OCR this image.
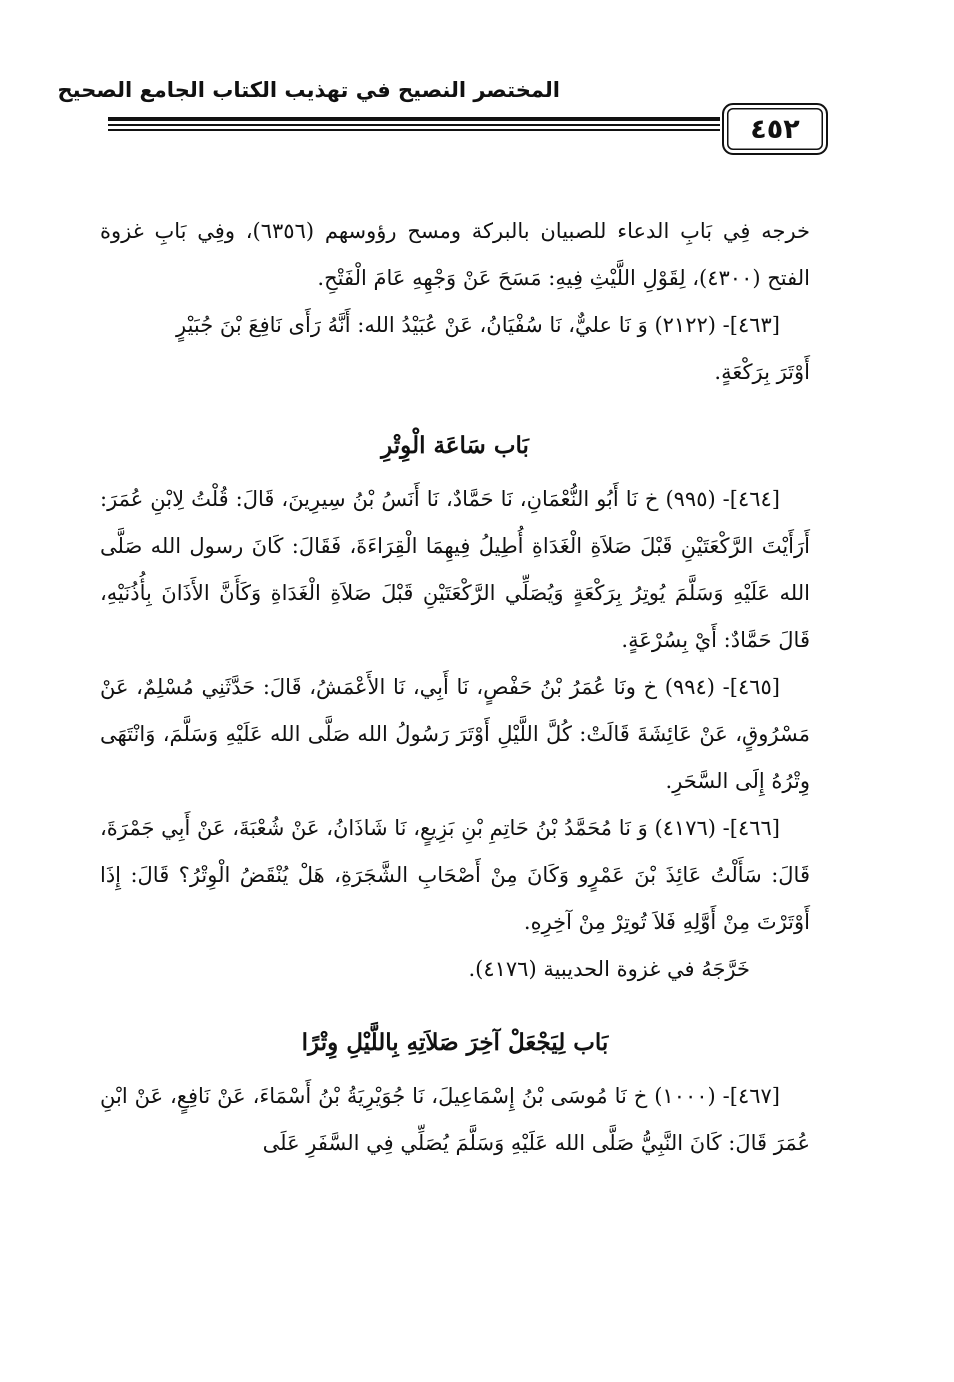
المختصر النصيح في تهذيب الكتاب الجامع الصحيح
٤٥٢

خرجه فِي بَابِ الدعاء للصبيان بالبركة ومسح رؤوسهم (٦٣٥٦)، وفِي بَابِ غزوة الفتح (٤٣٠٠)، لِقَوْلِ اللَّيْثِ فِيهِ: مَسَحَ عَنْ وَجْهِهِ عَامَ الْفَتْحِ.

[٤٦٣]- (٢١٢٢) وَ نَا عليٌّ، نَا سُفْيَانُ، عَنْ عُبَيْدُ الله: أَنَّهُ رَأَى نَافِعَ بْنَ جُبَيْرٍ

أَوْتَرَ بِرَكْعَةٍ.

بَاب سَاعَة الْوِتْرِ

[٤٦٤]- (٩٩٥) خ نَا أَبُو النُّعْمَانِ، نَا حَمَّادٌ، نَا أَنَسُ بْنُ سِيرِينَ، قَالَ: قُلْتُ لِابْنِ عُمَرَ: أَرَأَيْتَ الرَّكْعَتَيْنِ قَبْلَ صَلاَةِ الْغَدَاةِ أُطِيلُ فِيهِمَا الْقِرَاءَةَ، فَقَالَ: كَانَ رسول الله صَلَّى الله عَلَيْهِ وَسَلَّمَ يُوتِرُ بِرَكْعَةٍ وَيُصَلِّي الرَّكْعَتَيْنِ قَبْلَ صَلاَةِ الْغَدَاةِ وَكَأَنَّ الأَذَانَ بِأُذُنَيْهِ، قَالَ حَمَّادٌ: أَيْ بِسُرْعَةٍ.

[٤٦٥]- (٩٩٤) خ ونَا عُمَرُ بْنُ حَفْصٍ، نَا أَبِي، نَا الأَعْمَشُ، قَالَ: حَدَّثَنِي مُسْلِمٌ، عَنْ مَسْرُوقٍ، عَنْ عَائِشَةَ قَالَتْ: كُلَّ اللَّيْلِ أَوْتَرَ رَسُولُ الله صَلَّى الله عَلَيْهِ وَسَلَّمَ، وَانْتَهَى وِتْرُهُ إِلَى السَّحَرِ.

[٤٦٦]- (٤١٧٦) وَ نَا مُحَمَّدُ بْنُ حَاتِمِ بْنِ بَزِيعٍ، نَا شَاذَانُ، عَنْ شُعْبَةَ، عَنْ أَبِي جَمْرَةَ، قَالَ: سَأَلْتُ عَائِذَ بْنَ عَمْرٍو وَكَانَ مِنْ أَصْحَابِ الشَّجَرَةِ، هَلْ يُنْقَضُ الْوِتْرُ؟ قَالَ: إِذَا أَوْتَرْتَ مِنْ أَوَّلِهِ فَلاَ تُوتِرْ مِنْ آخِرِهِ.

خَرَّجَهُ في غزوة الحديبية (٤١٧٦).

بَاب لِيَجْعَلْ آخِرَ صَلاَتِهِ بِاللَّيْلِ وِتْرًا

[٤٦٧]- (١٠٠٠) خ نَا مُوسَى بْنُ إِسْمَاعِيلَ، نَا جُوَيْرِيَةُ بْنُ أَسْمَاءَ، عَنْ نَافِعٍ، عَنْ ابْنِ عُمَرَ قَالَ: كَانَ النَّبِيُّ صَلَّى الله عَلَيْهِ وَسَلَّمَ يُصَلِّي فِي السَّفَرِ عَلَى
